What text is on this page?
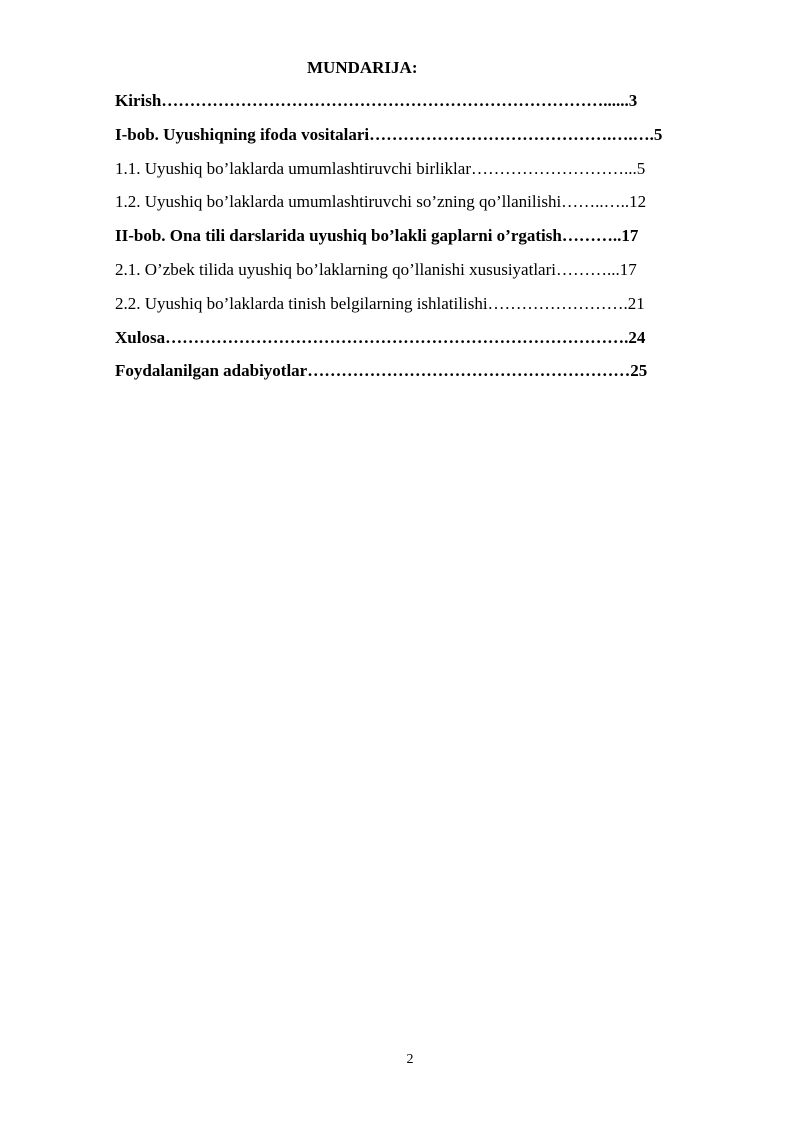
MUNDARIJA:
Kirish……………………………………………………………………......3
I-bob. Uyushiqning ifoda vositalari…………………………………….….….5
1.1. Uyushiq bo’laklarda umumlashtiruvchi birliklar………………………...5
1.2. Uyushiq bo’laklarda umumlashtiruvchi so’zning qo’llanilishi……..…..12
II-bob. Ona tili darslarida uyushiq bo’lakli gaplarni o’rgatish………..17
2.1. O’zbek tilida uyushiq bo’laklarning qo’llanishi xususiyatlari………...17
2.2. Uyushiq bo’laklarda tinish belgilarning ishlatilishi…………………….21
Xulosa……………………………………………………………………….24
Foydalanilgan adabiyotlar…………………………………………………25
2
